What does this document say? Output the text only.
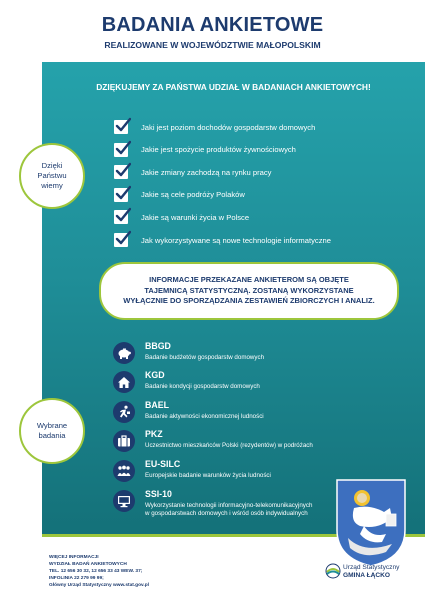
BADANIA ANKIETOWE
REALIZOWANE W WOJEWÓDZTWIE MAŁOPOLSKIM
DZIĘKUJEMY ZA PAŃSTWA UDZIAŁ W BADANIACH ANKIETOWYCH!
Jaki jest poziom dochodów gospodarstw domowych
Jakie jest spożycie produktów żywnościowych
Jakie zmiany zachodzą na rynku pracy
Jakie są cele podróży Polaków
Jakie są warunki życia w Polsce
Jak wykorzystywane są nowe technologie informatyczne
Dzięki
Państwu
wiemy
INFORMACJE PRZEKAZANE ANKIETEROM SĄ OBJĘTE
TAJEMNICĄ STATYSTYCZNĄ. ZOSTANĄ WYKORZYSTANE
WYŁĄCZNIE DO SPORZĄDZANIA ZESTAWIEŃ ZBIORCZYCH I ANALIZ.
Wybrane
badania
BBGD
Badanie budżetów gospodarstw domowych
KGD
Badanie kondycji gospodarstw domowych
BAEL
Badanie aktywności ekonomicznej ludności
PKZ
Uczestnictwo mieszkańców Polski (rezydentów) w podróżach
EU-SILC
Europejskie badanie warunków życia ludności
SSI-10
Wykorzystanie technologii informacyjno-telekomunikacyjnych
w gospodarstwach domowych i wśród osób indywidualnych
WIĘCEJ INFORMACJI
WYDZIAŁ BADAŃ ANKIETOWYCH
TEL. 12 656 30 32, 12 656 33 43 WEW. 37;
INFOLINIA 22 279 99 99;
Główny Urząd Statystyczny www.stat.gov.pl
Urząd Statystyczny
GMINA ŁĄCKO
